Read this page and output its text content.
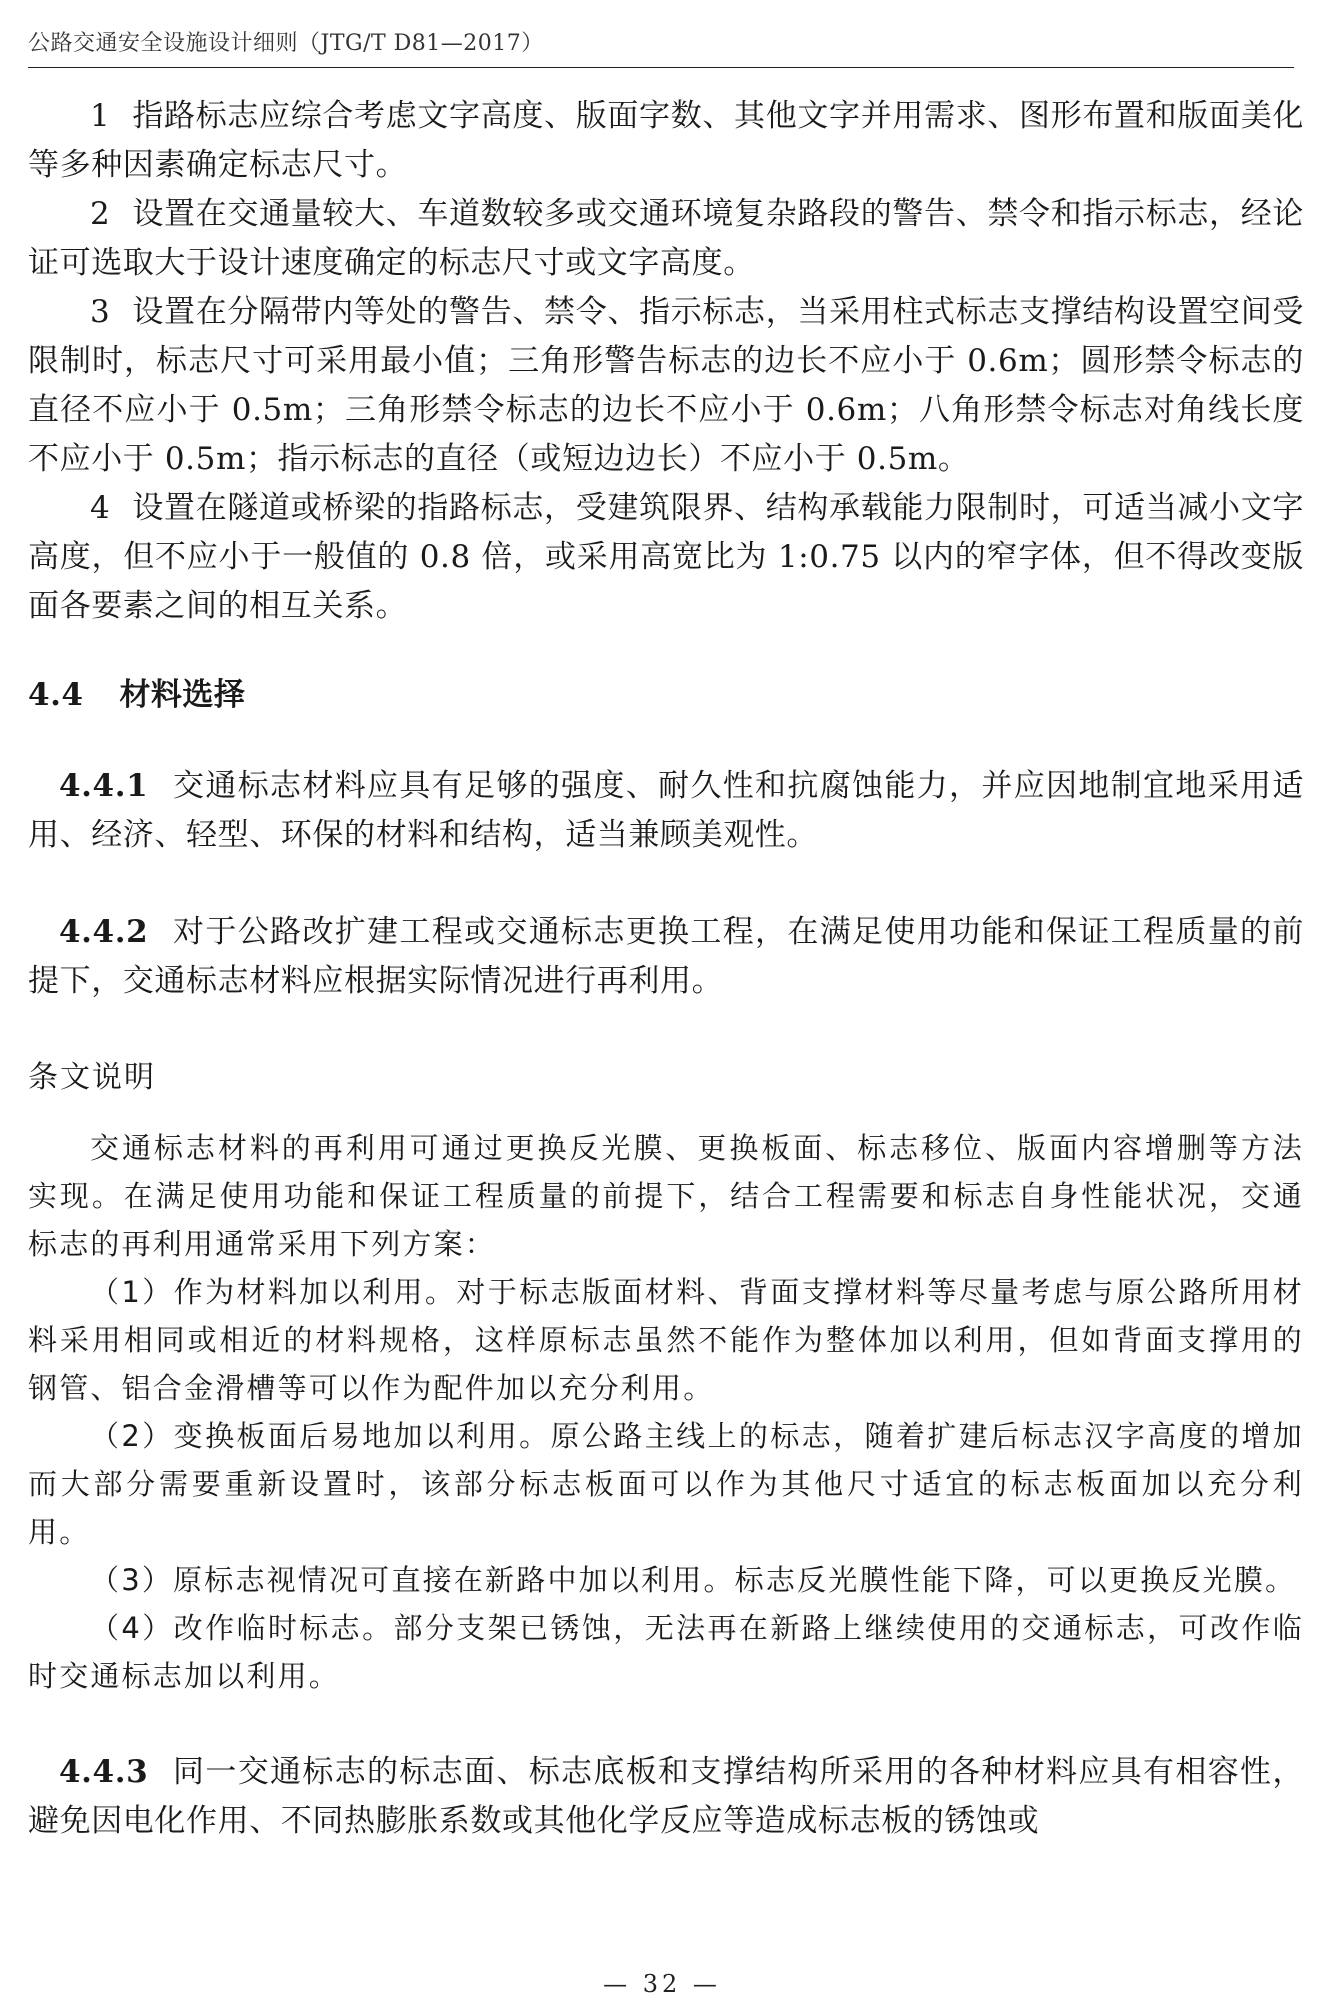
公路交通安全设施设计细则（JTG/T D81—2017）

1 指路标志应综合考虑文字高度、版面字数、其他文字并用需求、图形布置和版面美化等多种因素确定标志尺寸。

2 设置在交通量较大、车道数较多或交通环境复杂路段的警告、禁令和指示标志，经论证可选取大于设计速度确定的标志尺寸或文字高度。

3 设置在分隔带内等处的警告、禁令、指示标志，当采用柱式标志支撑结构设置空间受限制时，标志尺寸可采用最小值；三角形警告标志的边长不应小于 0.6m；圆形禁令标志的直径不应小于 0.5m；三角形禁令标志的边长不应小于 0.6m；八角形禁令标志对角线长度不应小于 0.5m；指示标志的直径（或短边边长）不应小于 0.5m。

4 设置在隧道或桥梁的指路标志，受建筑限界、结构承载能力限制时，可适当减小文字高度，但不应小于一般值的 0.8 倍，或采用高宽比为 1:0.75 以内的窄字体，但不得改变版面各要素之间的相互关系。

4.4 材料选择

4.4.1 交通标志材料应具有足够的强度、耐久性和抗腐蚀能力，并应因地制宜地采用适用、经济、轻型、环保的材料和结构，适当兼顾美观性。

4.4.2 对于公路改扩建工程或交通标志更换工程，在满足使用功能和保证工程质量的前提下，交通标志材料应根据实际情况进行再利用。

条文说明

交通标志材料的再利用可通过更换反光膜、更换板面、标志移位、版面内容增删等方法实现。在满足使用功能和保证工程质量的前提下，结合工程需要和标志自身性能状况，交通标志的再利用通常采用下列方案：

（1）作为材料加以利用。对于标志版面材料、背面支撑材料等尽量考虑与原公路所用材料采用相同或相近的材料规格，这样原标志虽然不能作为整体加以利用，但如背面支撑用的钢管、铝合金滑槽等可以作为配件加以充分利用。

（2）变换板面后易地加以利用。原公路主线上的标志，随着扩建后标志汉字高度的增加而大部分需要重新设置时，该部分标志板面可以作为其他尺寸适宜的标志板面加以充分利用。

（3）原标志视情况可直接在新路中加以利用。标志反光膜性能下降，可以更换反光膜。

（4）改作临时标志。部分支架已锈蚀，无法再在新路上继续使用的交通标志，可改作临时交通标志加以利用。

4.4.3 同一交通标志的标志面、标志底板和支撑结构所采用的各种材料应具有相容性，避免因电化作用、不同热膨胀系数或其他化学反应等造成标志板的锈蚀或

— 32 —
